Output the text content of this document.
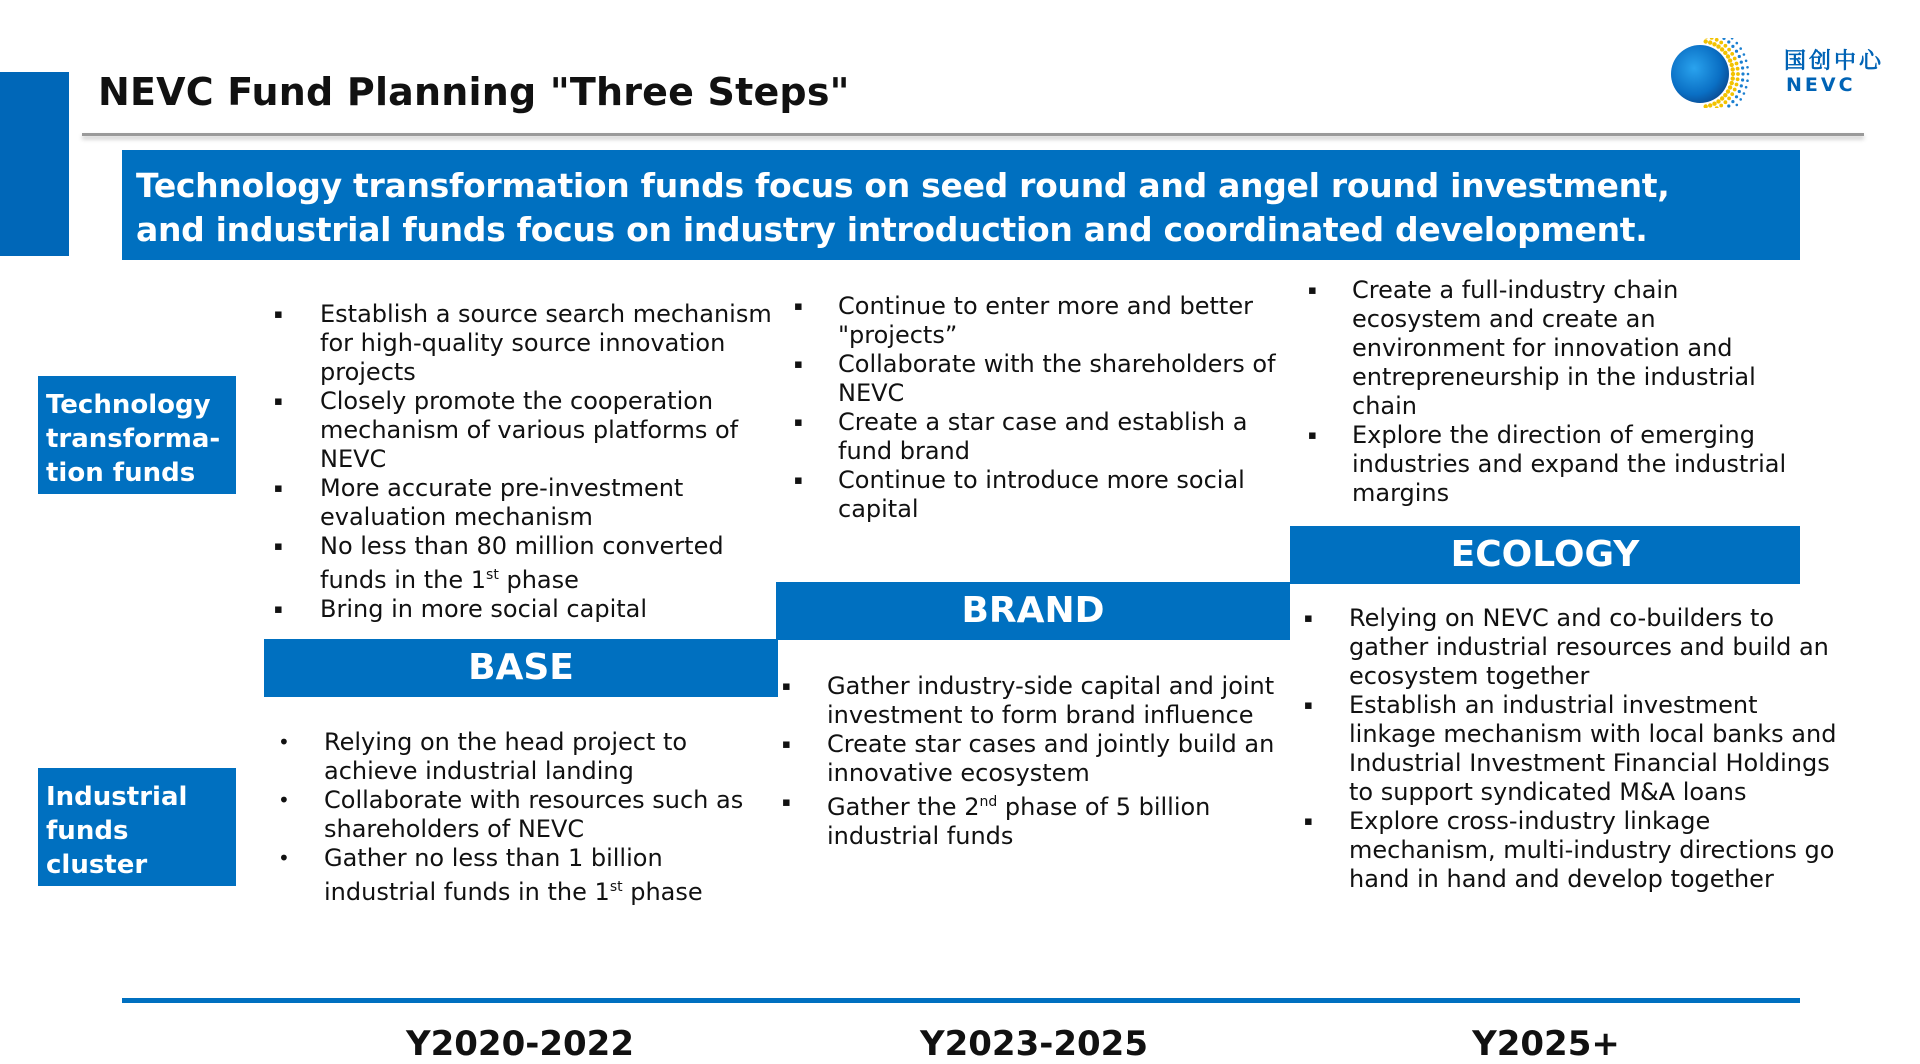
NEVC Fund Planning "Three Steps"
国创中心
NEVC
Technology transformation funds focus on seed round and angel round investment,
and industrial funds focus on industry introduction and coordinated development.
Technology
transforma-
tion funds
Industrial
funds
cluster
▪ Establish a source search mechanism
for high-quality source innovation
projects
▪ Closely promote the cooperation
mechanism of various platforms of
NEVC
▪ More accurate pre-investment
evaluation mechanism
▪ No less than 80 million converted
funds in the 1st phase
▪ Bring in more social capital
• Relying on the head project to
achieve industrial landing
• Collaborate with resources such as
shareholders of NEVC
• Gather no less than 1 billion
industrial funds in the 1st phase
▪ Continue to enter more and better
"projects”
▪ Collaborate with the shareholders of
NEVC
▪ Create a star case and establish a
fund brand
▪ Continue to introduce more social
capital
▪ Gather industry-side capital and joint
investment to form brand influence
▪ Create star cases and jointly build an
innovative ecosystem
▪ Gather the 2nd phase of 5 billion
industrial funds
▪ Create a full-industry chain
ecosystem and create an
environment for innovation and
entrepreneurship in the industrial
chain
▪ Explore the direction of emerging
industries and expand the industrial
margins
▪ Relying on NEVC and co-builders to
gather industrial resources and build an
ecosystem together
▪ Establish an industrial investment
linkage mechanism with local banks and
Industrial Investment Financial Holdings
to support syndicated M&A loans
▪ Explore cross-industry linkage
mechanism, multi-industry directions go
hand in hand and develop together
BASE
BRAND
ECOLOGY
Y2020-2022	Y2023-2025	Y2025+
